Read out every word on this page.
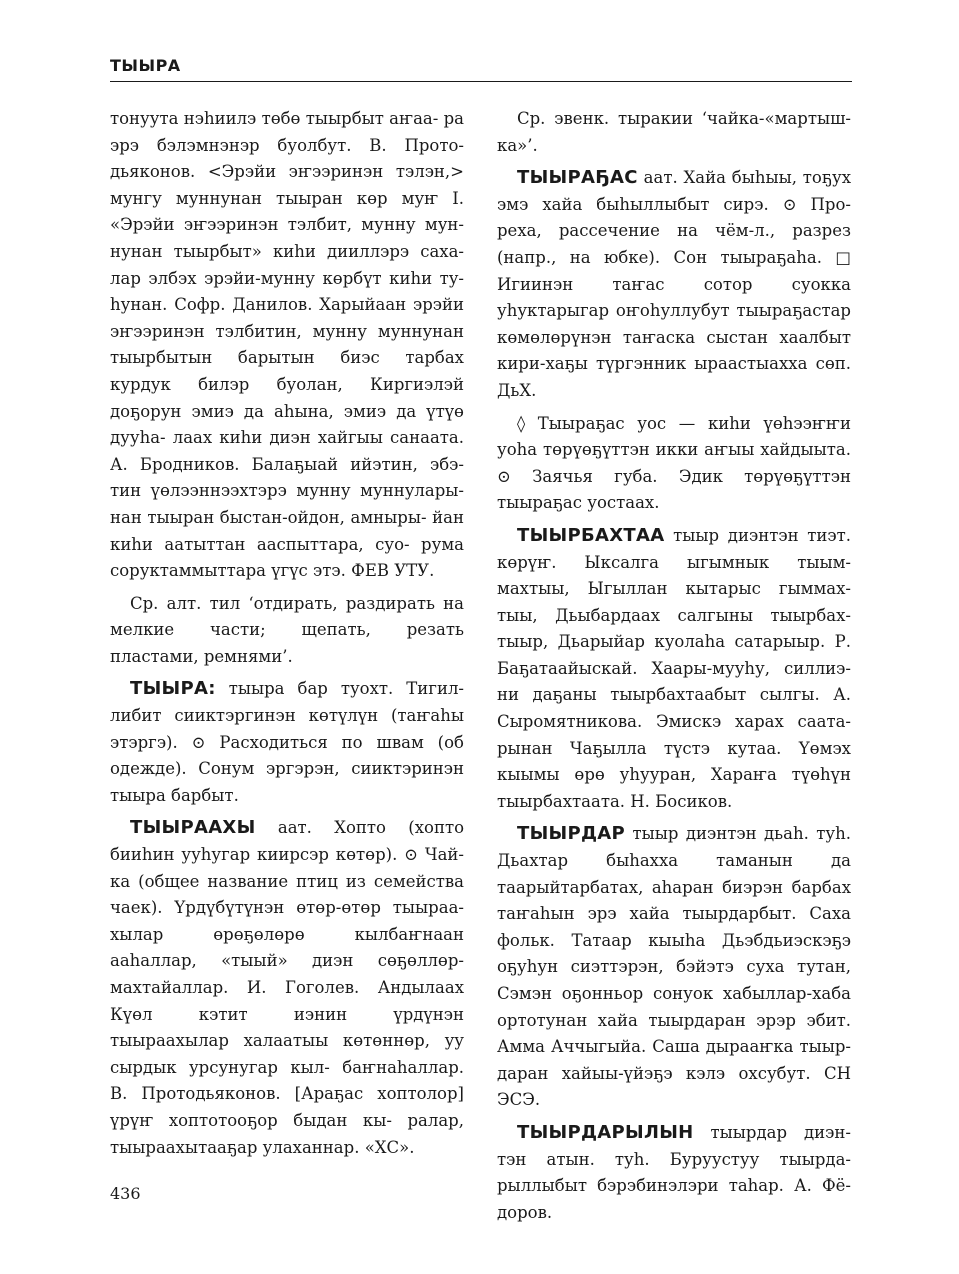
ТЫЫРА

тонуута нэһиилэ төбө тыырбыт аҥаа- ра эрэ бэлэмнэнэр буолбут. В. Прото- дьяконов. <Эрэйи эҥээринэн тэлэн,> мунгу муннунан тыыран көр муҥ I. «Эрэйи эҥээринэн тэлбит, мунну мун- нунан тыырбыт» киһи дииллэрэ саха- лар элбэх эрэйи-мунну көрбүт киһи ту- һунан. Софр. Данилов. Харыйаан эрэйи эҥээринэн тэлбитин, мунну муннунан тыырбытын барытын биэс тарбах курдук билэр буолан, Киргиэлэй доҕорун эмиэ да аһына, эмиэ да үтүө дууһа- лаах киһи диэн хайгыы санаата. А. Бродников. Балаҕыай ийэтин, эбэ- тин үөлээннээхтэрэ мунну муннулары- нан тыыран быстан-ойдон, амныры- йан киһи аатыттан ааспыттара, суо- рума соруктаммыттара үгүс этэ. ФЕВ УТУ.

Ср. алт. тил ‘отдирать, раздирать на мелкие части; щепать, резать пластами, ремнями’.

ТЫЫРА: тыыра бар туохт. Тигил- либит сииктэргинэн көтүлүн (таҥаһы этэргэ). ⊙ Расходиться по швам (об одежде). Сонум эргэрэн, сииктэринэн тыыра барбыт.

ТЫЫРААХЫ аат. Хопто (хопто бииһин ууһугар киирсэр көтөр). ⊙ Чай- ка (общее название птиц из семейства чаек). Үрдүбүтүнэн өтөр-өтөр тыыраа- хылар өрөҕөлөрө кылбаҥнаан ааһаллар, «тыый» диэн сөҕөллөр-махтайаллар. И. Гоголев. Андылаах Күөл кэтит иэнин үрдүнэн тыырaахылар халаатыы көтөннөр, уу сырдык урсунугар кыл- баҥнаһаллар. В. Протодьяконов. [Араҕас хоптолор] үрүҥ хоптотооҕор быдан кы- ралар, тыыраахытааҕар улаханнар. «ХС».

Ср. эвенк. тыракии ‘чайка-«мартыш- ка»’.

ТЫЫРАҔАС аат. Хайа быһыы, тоҕух эмэ хайа быһыллыбыт сирэ. ⊙ Про- реха, рассечение на чём-л., разрез (напр., на юбке). Сон тыыраҕаһа. □ Игиинэн таҥас сотор суокка уһуктарыгар оҥоһуллубут тыыраҕастар көмөлөрүнэн таҥаска сыстан хаалбыт кири-хаҕы түргэнник ыраастыахха сөп. ДьХ.

◊ Тыыраҕас уос — киһи үөһээҥҥи уоһа төрүөҕүттэн икки аҥыы хайдыыта. ⊙ Заячья губа. Эдик төрүөҕүттэн тыыраҕас уостаах.

ТЫЫРБАХТАА тыыр диэнтэн тиэт. көрүҥ. Ыксалга ыгымнык тыым- махтыы, Ыгыллан кытарыс гыммах- тыы, Дьыбардаах салгыны тыырбах- тыыр, Дьарыйар куолаһа сатарыыр. Р. Баҕатаайыскай. Хаары-мууһу, силлиэ- ни даҕаны тыырбахтаабыт сылгы. А. Сыромятникова. Эмискэ харах саата- рынан Чаҕылла түстэ кутаа. Үөмэх кыымы өрө уһууран, Хараҥа түөһүн тыырбахтаата. Н. Босиков.

ТЫЫРДАР тыыр диэнтэн дьаһ. туһ. Дьахтар быһаххa таманын да таарыйтарбатах, аһаран биэрэн барбах таҥаһын эрэ хайа тыырдарбыт. Саха фольк. Татаар кыыһа Дьэбдьиэскэҕэ оҕуһун сиэттэрэн, бэйэтэ суха тутан, Сэмэн оҕонньор сонуок хабыллар-хаба ортотунан хайа тыырдаран эрэр эбит. Амма Аччыгыйа. Саша дырааҥка тыыр- даран хайыы-үйэҕэ кэлэ охсубут. СН ЭСЭ.

ТЫЫРДАРЫЛЫН тыырдар диэн- тэн атын. туһ. Буруустуу тыырда- рыллыбыт бэрэбинэлэри таһар. А. Фё- доров.

436
